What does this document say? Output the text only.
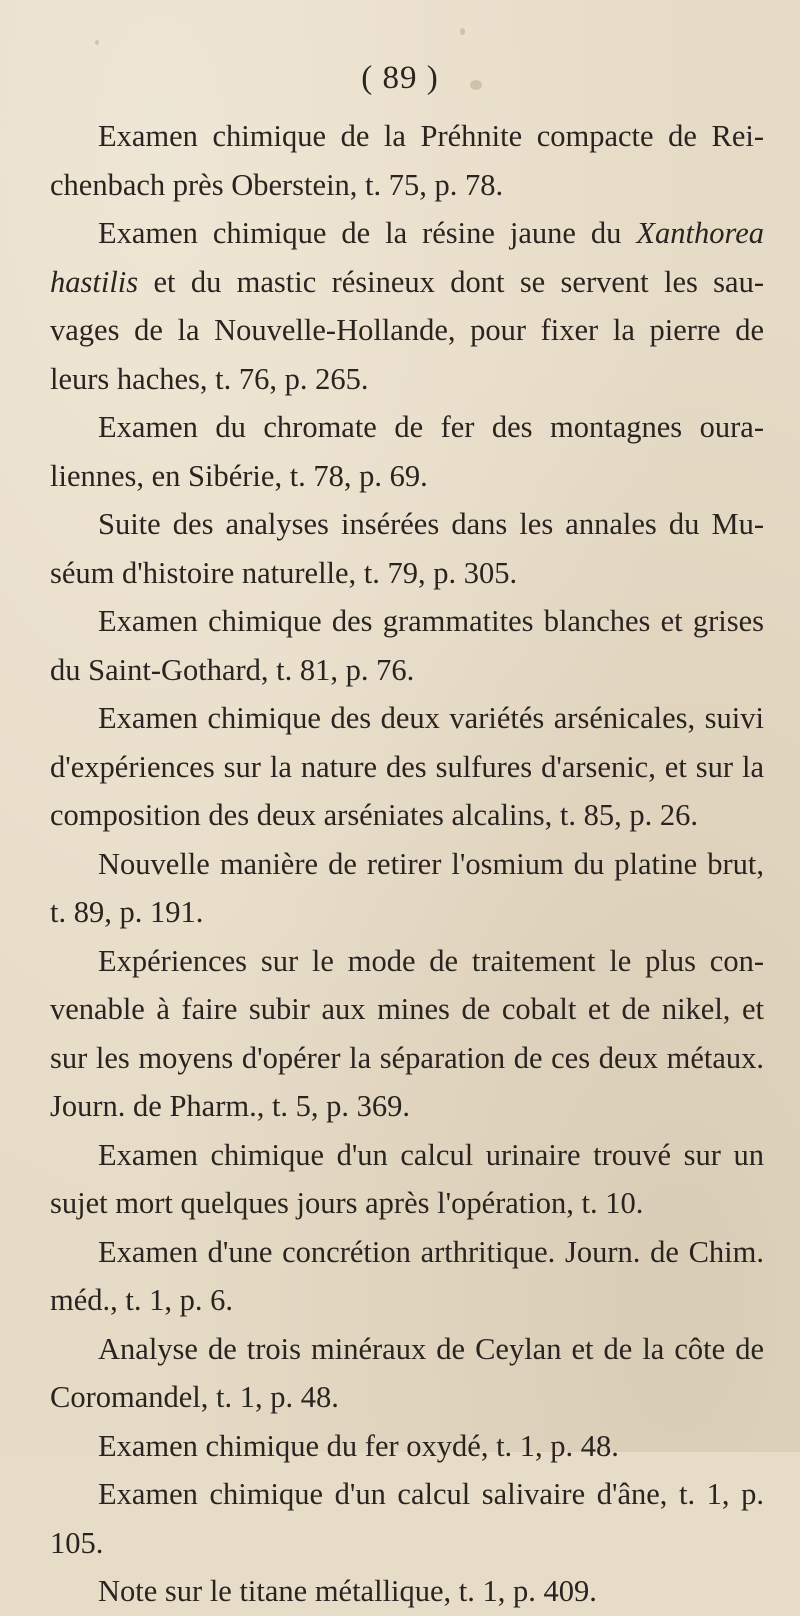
( 89 )
Examen chimique de la Préhnite compacte de Rei-chenbach près Oberstein, t. 75, p. 78.
Examen chimique de la résine jaune du Xanthorea hastilis et du mastic résineux dont se servent les sau-vages de la Nouvelle-Hollande, pour fixer la pierre de leurs haches, t. 76, p. 265.
Examen du chromate de fer des montagnes oura-liennes, en Sibérie, t. 78, p. 69.
Suite des analyses insérées dans les annales du Mu-séum d'histoire naturelle, t. 79, p. 305.
Examen chimique des grammatites blanches et grises du Saint-Gothard, t. 81, p. 76.
Examen chimique des deux variétés arsénicales, suivi d'expériences sur la nature des sulfures d'arsenic, et sur la composition des deux arséniates alcalins, t. 85, p. 26.
Nouvelle manière de retirer l'osmium du platine brut, t. 89, p. 191.
Expériences sur le mode de traitement le plus con-venable à faire subir aux mines de cobalt et de nikel, et sur les moyens d'opérer la séparation de ces deux métaux. Journ. de Pharm., t. 5, p. 369.
Examen chimique d'un calcul urinaire trouvé sur un sujet mort quelques jours après l'opération, t. 10.
Examen d'une concrétion arthritique. Journ. de Chim. méd., t. 1, p. 6.
Analyse de trois minéraux de Ceylan et de la côte de Coromandel, t. 1, p. 48.
Examen chimique du fer oxydé, t. 1, p. 48.
Examen chimique d'un calcul salivaire d'âne, t. 1, p. 105.
Note sur le titane métallique, t. 1, p. 409.
